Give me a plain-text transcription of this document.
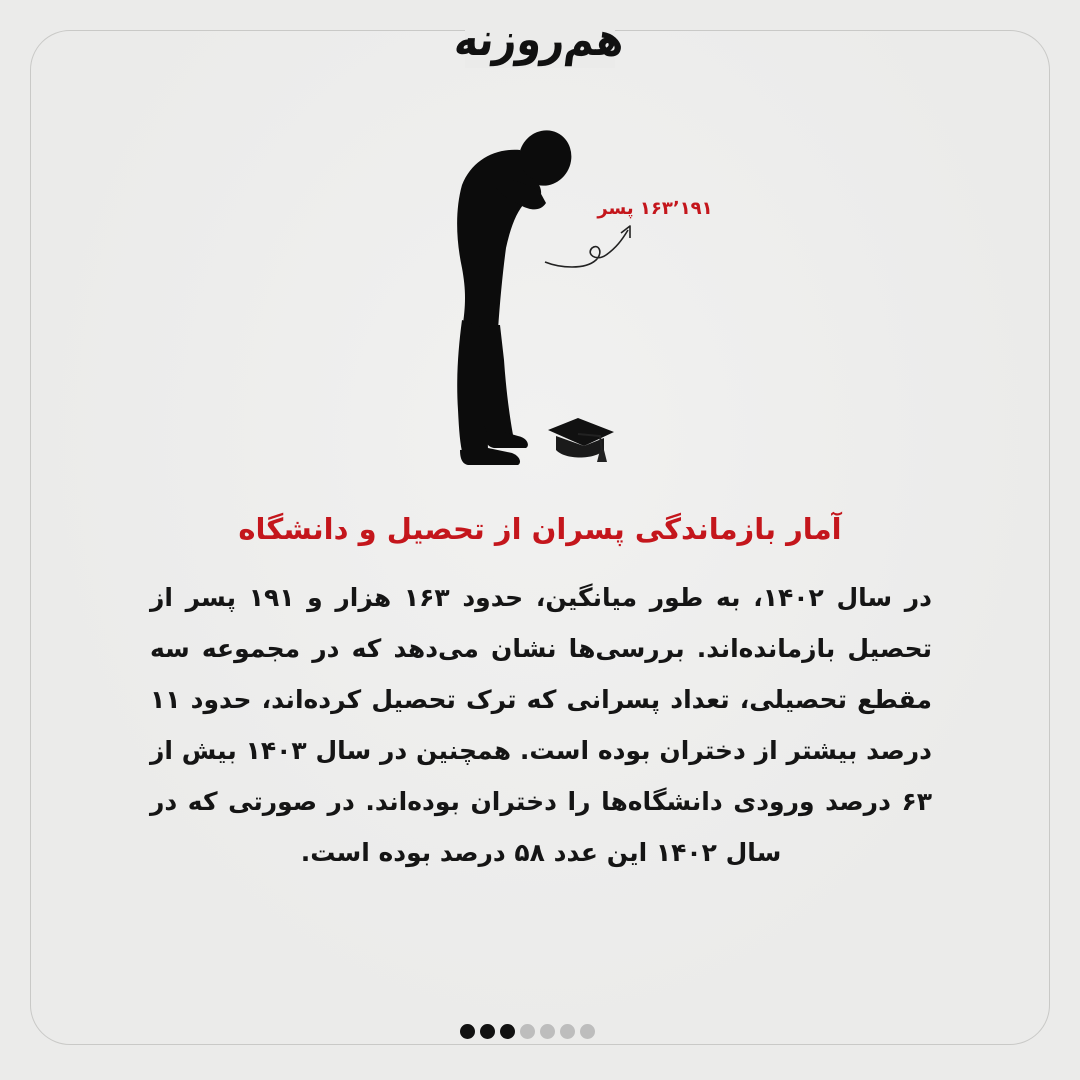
هم‌روزنه
۱۶۳٬۱۹۱ پسر
آمار بازماندگی پسران از تحصیل و دانشگاه

در سال ۱۴۰۲، به طور میانگین، حدود ۱۶۳ هزار و ۱۹۱ پسر از تحصیل بازمانده‌اند. بررسی‌ها نشان می‌دهد که در مجموعه سه مقطع تحصیلی، تعداد پسرانی که ترک تحصیل کرده‌اند، حدود ۱۱ درصد بیشتر از دختران بوده است. همچنین در سال ۱۴۰۳ بیش از ۶۳ درصد ورودی دانشگاه‌ها را دختران بوده‌اند. در صورتی که در سال ۱۴۰۲ این عدد ۵۸ درصد بوده است.
